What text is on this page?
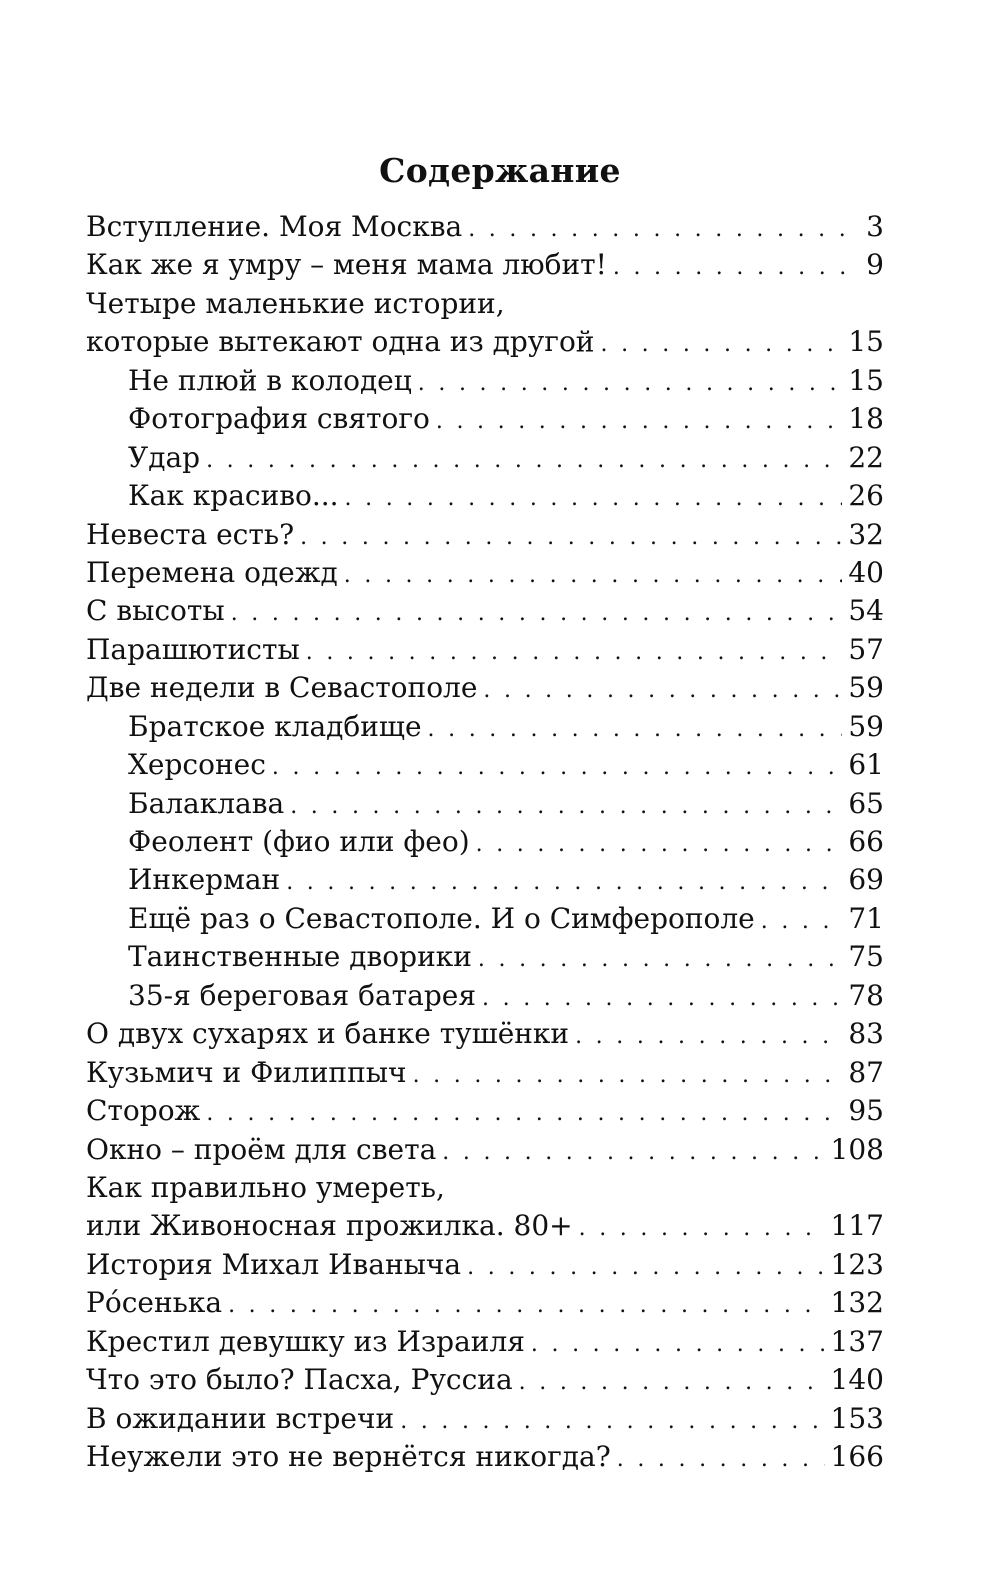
Содержание
Вступление. Моя Москва . . .	3
Как же я умру – меня мама любит! . . .	9
Четыре маленькие истории,
которые вытекают одна из другой . . .	15
Не плюй в колодец . . .	15
Фотография святого . . .	18
Удар . . .	22
Как красиво... . . .	26
Невеста есть? . . .	32
Перемена одежд . . .	40
С высоты . . .	54
Парашютисты . . .	57
Две недели в Севастополе . . .	59
Братское кладбище . . .	59
Херсонес . . .	61
Балаклава . . .	65
Феолент (фио или фео) . . .	66
Инкерман . . .	69
Ещё раз о Севастополе. И о Симферополе . . .	71
Таинственные дворики . . .	75
35-я береговая батарея . . .	78
О двух сухарях и банке тушёнки . . .	83
Кузьмич и Филиппыч . . .	87
Сторож . . .	95
Окно – проём для света . . .	108
Как правильно умереть,
или Живоносная прожилка. 80+ . . .	117
История Михал Иваныча . . .	123
Ро́сенька . . .	132
Крестил девушку из Израиля . . .	137
Что это было? Пасха, Руссиа . . .	140
В ожидании встречи . . .	153
Неужели это не вернётся никогда? . . .	166
